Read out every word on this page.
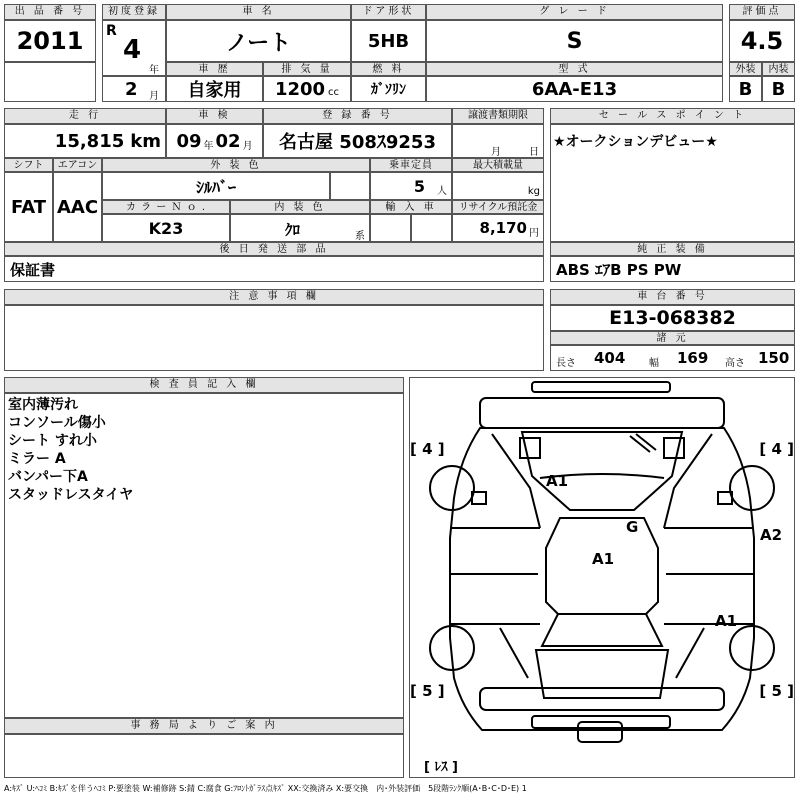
出 品 番 号
2011
初度登録
R
4
年
2 月
車 名
ノート
ドア形状
5HB
グ レ ー ド
S
車 歴
自家用
排 気 量
1200 cc
燃 料
ｶﾞｿﾘﾝ
型 式
6AA-E13
評価点
4.5
外装	内装
B	B
走 行
15,815 km
車 検
09 年 02 月
登 録 番 号
名古屋 508ｽ9253
譲渡書類期限
月	日
シフト
FAT
エアコン
AAC
外 装 色
ｼﾙﾊﾞｰ
乗車定員
5 人
最大積載量
kg
カ ラ ー Ｎ ｏ .
K23
内 装 色
ｸﾛ	系
輸 入 車	リサイクル預託金
8,170 円
後 日 発 送 部 品
保証書
セ ー ル ス ポ イ ン ト
★オークションデビュー★
純 正 装 備
ABS ｴｱB PS PW
注 意 事 項 欄	車 台 番 号
E13-068382
諸 元
長さ 404 幅 169 高さ 150
検 査 員 記 入 欄
室内薄汚れ
コンソール傷小
シート すれ小
ミラー A
バンパー下A
スタッドレスタイヤ
事 務 局 よ り ご 案 内
[ 4 ]	[ 4 ]
[ 5 ]	[ 5 ]
[ ﾚｽ ]
A1
G
A1
A2
A1
A:ｷｽﾞ U:ﾍｺﾐ B:ｷｽﾞを伴うﾍｺﾐ P:要塗装 W:補修跡 S:錆 C:腐食 G:ﾌﾛﾝﾄｶﾞﾗｽ点ｷｽﾞ XX:交換済み X:要交換　内･外装評価　5段階ﾗﾝｸ順(A･B･C･D･E) 1
